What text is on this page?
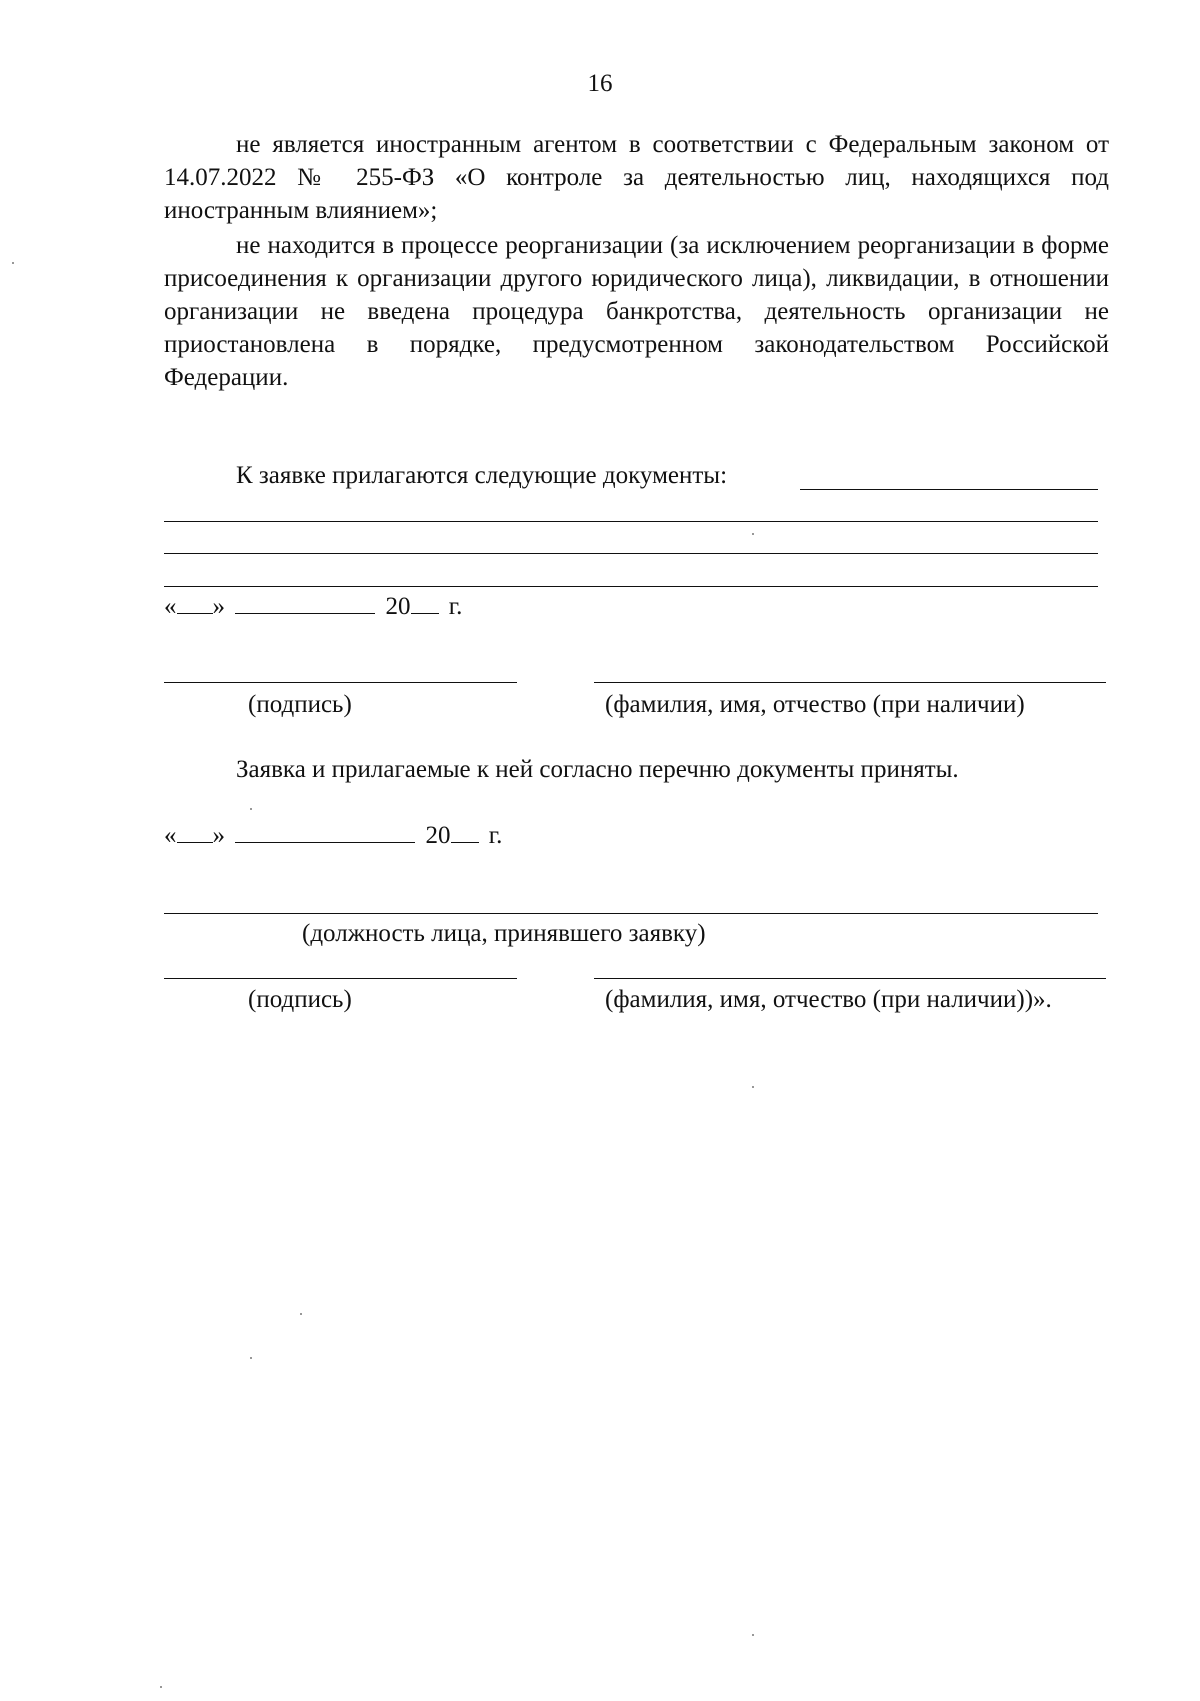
16

не является иностранным агентом в соответствии с Федеральным законом от 14.07.2022 № 255-ФЗ «О контроле за деятельностью лиц, находящихся под иностранным влиянием»;

не находится в процессе реорганизации (за исключением реорганизации в форме присоединения к организации другого юридического лица), ликвидации, в отношении организации не введена процедура банкротства, деятельность организации не приостановлена в порядке, предусмотренном законодательством Российской Федерации.

К заявке прилагаются следующие документы:
« »	20 г.
(подпись)	(фамилия, имя, отчество (при наличии)
Заявка и прилагаемые к ней согласно перечню документы приняты.
« »	20 г.
(должность лица, принявшего заявку)
(подпись)	(фамилия, имя, отчество (при наличии))».
